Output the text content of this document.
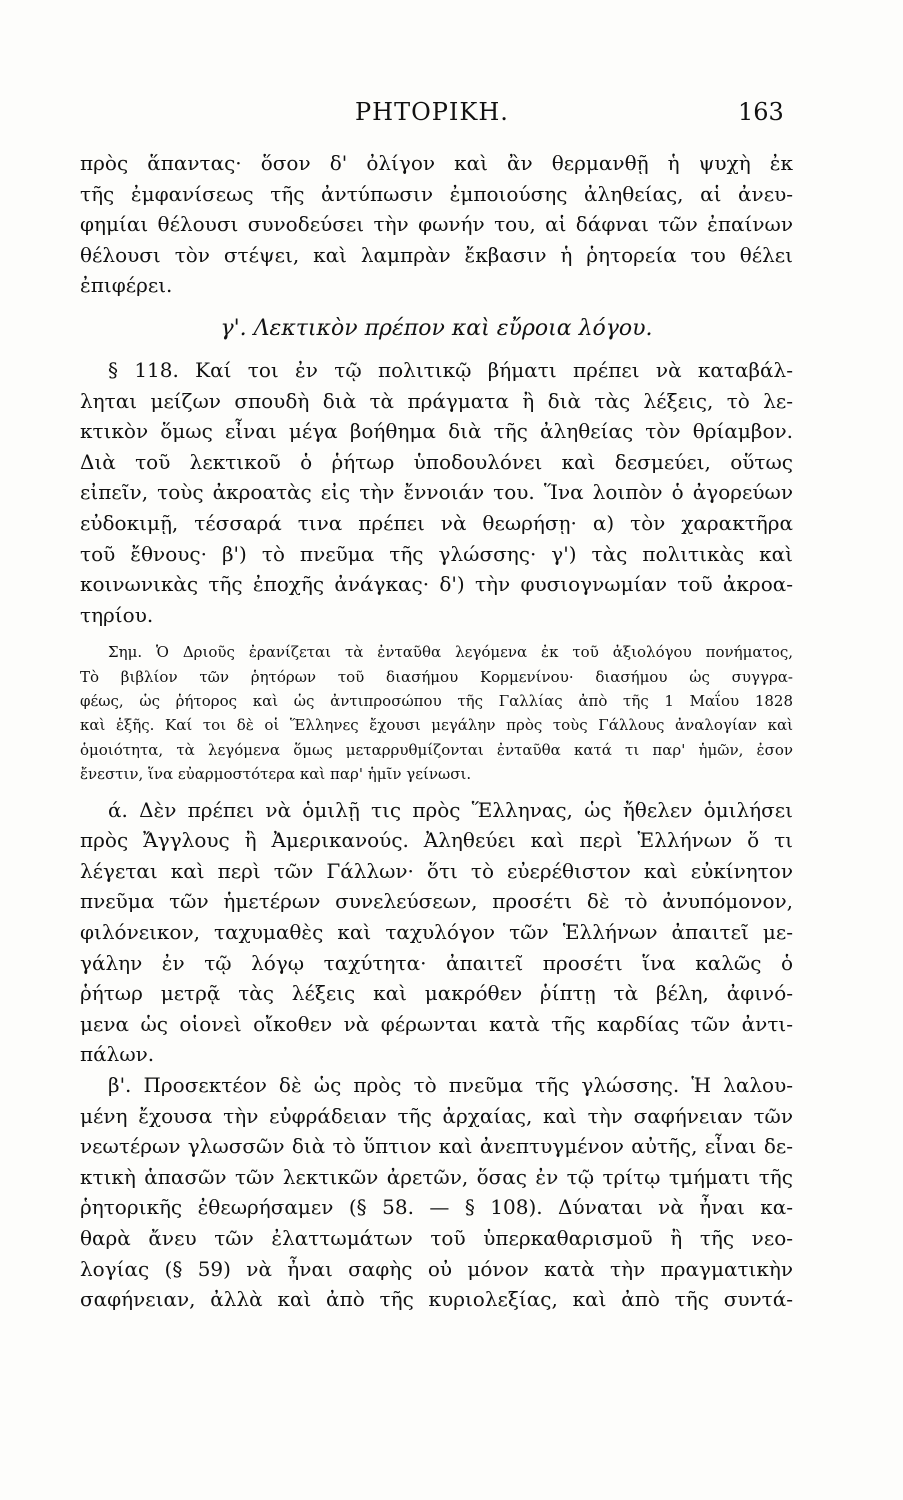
ΡΗΤΟΡΙΚΗ.	163
πρὸς ἅπαντας· ὅσον δ' ὀλίγον καὶ ἂν θερμανθῇ ἡ ψυχὴ ἐκ
τῆς ἐμφανίσεως τῆς ἀντύπωσιν ἐμποιούσης ἀληθείας, αἱ ἀνευ-
φημίαι θέλουσι συνοδεύσει τὴν φωνήν του, αἱ δάφναι τῶν ἐπαίνων
θέλουσι τὸν στέψει, καὶ λαμπρὰν ἔκβασιν ἡ ῥητορεία του θέλει
ἐπιφέρει.
γ'. Λεκτικὸν πρέπον καὶ εὔροια λόγου.
§ 118. Καί τοι ἐν τῷ πολιτικῷ βήματι πρέπει νὰ καταβάλ-
ληται μείζων σπουδὴ διὰ τὰ πράγματα ἢ διὰ τὰς λέξεις, τὸ λε-
κτικὸν ὅμως εἶναι μέγα βοήθημα διὰ τῆς ἀληθείας τὸν θρίαμβον.
Διὰ τοῦ λεκτικοῦ ὁ ῥήτωρ ὑποδουλόνει καὶ δεσμεύει, οὕτως
εἰπεῖν, τοὺς ἀκροατὰς εἰς τὴν ἔννοιάν του. Ἵνα λοιπὸν ὁ ἀγορεύων
εὐδοκιμῇ, τέσσαρά τινα πρέπει νὰ θεωρήσῃ· α) τὸν χαρακτῆρα
τοῦ ἔθνους· β') τὸ πνεῦμα τῆς γλώσσης· γ') τὰς πολιτικὰς καὶ
κοινωνικὰς τῆς ἐποχῆς ἀνάγκας· δ') τὴν φυσιογνωμίαν τοῦ ἀκροα-
τηρίου.
Σημ. Ὁ Δριοῦς ἐρανίζεται τὰ ἐνταῦθα λεγόμενα ἐκ τοῦ ἀξιολόγου πονήματος,
Τὸ βιβλίον τῶν ῥητόρων τοῦ διασήμου Κορμενίνου· διασήμου ὡς συγγρα-
φέως, ὡς ῥήτορος καὶ ὡς ἀντιπροσώπου τῆς Γαλλίας ἀπὸ τῆς 1 Μαΐου 1828
καὶ ἑξῆς. Καί τοι δὲ οἱ Ἕλληνες ἔχουσι μεγάλην πρὸς τοὺς Γάλλους ἀναλογίαν καὶ
ὁμοιότητα, τὰ λεγόμενα ὅμως μεταρρυθμίζονται ἐνταῦθα κατά τι παρ' ἡμῶν, ἐσον
ἔνεστιν, ἵνα εὐαρμοστότερα καὶ παρ' ἡμῖν γείνωσι.
ά. Δὲν πρέπει νὰ ὁμιλῇ τις πρὸς Ἕλληνας, ὡς ἤθελεν ὁμιλήσει
πρὸς Ἄγγλους ἢ Ἀμερικανούς. Ἀληθεύει καὶ περὶ Ἑλλήνων ὅ τι
λέγεται καὶ περὶ τῶν Γάλλων· ὅτι τὸ εὐερέθιστον καὶ εὐκίνητον
πνεῦμα τῶν ἡμετέρων συνελεύσεων, προσέτι δὲ τὸ ἀνυπόμονον,
φιλόνεικον, ταχυμαθὲς καὶ ταχυλόγον τῶν Ἑλλήνων ἀπαιτεῖ με-
γάλην ἐν τῷ λόγῳ ταχύτητα· ἀπαιτεῖ προσέτι ἵνα καλῶς ὁ
ῥήτωρ μετρᾷ τὰς λέξεις καὶ μακρόθεν ῥίπτῃ τὰ βέλη, ἀφινό-
μενα ὡς οἱονεὶ οἴκοθεν νὰ φέρωνται κατὰ τῆς καρδίας τῶν ἀντι-
πάλων.
β'. Προσεκτέον δὲ ὡς πρὸς τὸ πνεῦμα τῆς γλώσσης. Ἡ λαλου-
μένη ἔχουσα τὴν εὐφράδειαν τῆς ἀρχαίας, καὶ τὴν σαφήνειαν τῶν
νεωτέρων γλωσσῶν διὰ τὸ ὕπτιον καὶ ἀνεπτυγμένον αὐτῆς, εἶναι δε-
κτικὴ ἁπασῶν τῶν λεκτικῶν ἀρετῶν, ὅσας ἐν τῷ τρίτῳ τμήματι τῆς
ῥητορικῆς ἐθεωρήσαμεν (§ 58. — § 108). Δύναται νὰ ἦναι κα-
θαρὰ ἄνευ τῶν ἐλαττωμάτων τοῦ ὑπερκαθαρισμοῦ ἢ τῆς νεο-
λογίας (§ 59) νὰ ἦναι σαφὴς οὐ μόνον κατὰ τὴν πραγματικὴν
σαφήνειαν, ἀλλὰ καὶ ἀπὸ τῆς κυριολεξίας, καὶ ἀπὸ τῆς συντά-
